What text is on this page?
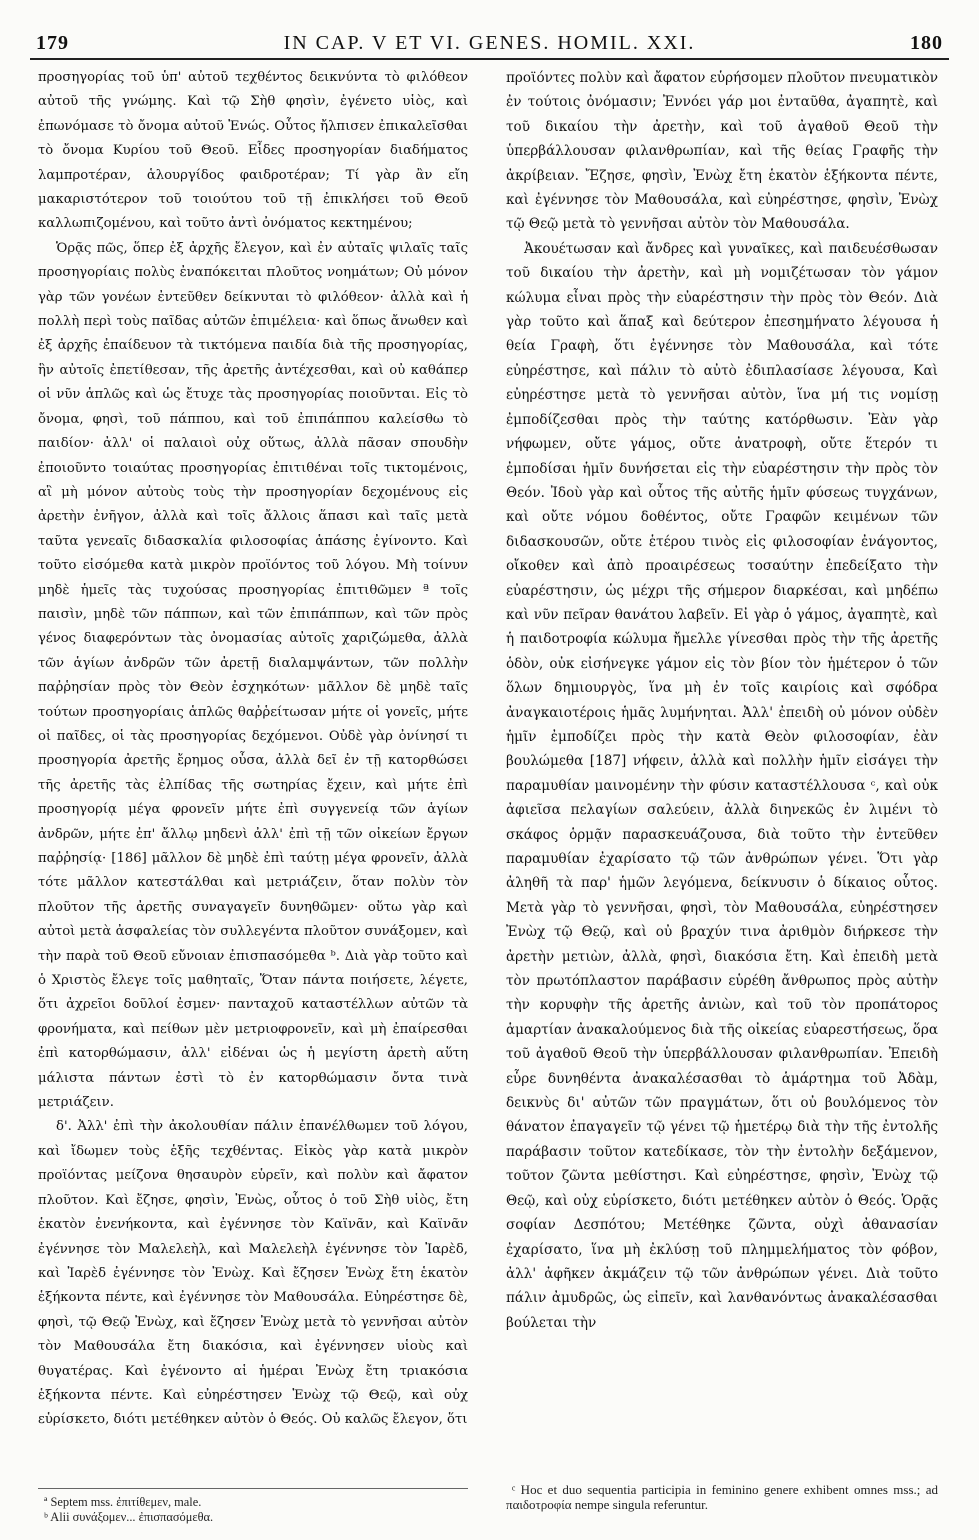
179	IN CAP. V ET VI. GENES. HOMIL. XXI.	180

προσηγορίας τοῦ ὑπ' αὐτοῦ τεχθέντος δεικνύντα τὸ φιλόθεον αὐτοῦ τῆς γνώμης. Καὶ τῷ Σὴθ φησὶν, ἐγένετο υἱὸς, καὶ ἐπωνόμασε τὸ ὄνομα αὐτοῦ Ἐνώς. Οὗτος ἤλπισεν ἐπικαλεῖσθαι τὸ ὄνομα Κυρίου τοῦ Θεοῦ. Εἶδες προσηγορίαν διαδήματος λαμπροτέραν, ἁλουργίδος φαιδροτέραν; Τί γὰρ ἂν εἴη μακαριστότερον τοῦ τοιούτου τοῦ τῇ ἐπικλήσει τοῦ Θεοῦ καλλωπιζομένου, καὶ τοῦτο ἀντὶ ὀνόματος κεκτημένου;

Ὁρᾷς πῶς, ὅπερ ἐξ ἀρχῆς ἔλεγον, καὶ ἐν αὐταῖς ψιλαῖς ταῖς προσηγορίαις πολὺς ἐναπόκειται πλοῦτος νοημάτων; Οὐ μόνον γὰρ τῶν γονέων ἐντεῦθεν δείκνυται τὸ φιλόθεον· ἀλλὰ καὶ ἡ πολλὴ περὶ τοὺς παῖδας αὐτῶν ἐπιμέλεια· καὶ ὅπως ἄνωθεν καὶ ἐξ ἀρχῆς ἐπαίδευον τὰ τικτόμενα παιδία διὰ τῆς προσηγορίας, ἣν αὐτοῖς ἐπετίθεσαν, τῆς ἀρετῆς ἀντέχεσθαι, καὶ οὐ καθάπερ οἱ νῦν ἁπλῶς καὶ ὡς ἔτυχε τὰς προσηγορίας ποιοῦνται. Εἰς τὸ ὄνομα, φησὶ, τοῦ πάππου, καὶ τοῦ ἐπιπάππου καλείσθω τὸ παιδίον· ἀλλ' οἱ παλαιοὶ οὐχ οὕτως, ἀλλὰ πᾶσαν σπουδὴν ἐποιοῦντο τοιαύτας προσηγορίας ἐπιτιθέναι τοῖς τικτομένοις, αἳ μὴ μόνον αὐτοὺς τοὺς τὴν προσηγορίαν δεχομένους εἰς ἀρετὴν ἐνῆγον, ἀλλὰ καὶ τοῖς ἄλλοις ἅπασι καὶ ταῖς μετὰ ταῦτα γενεαῖς διδασκαλία φιλοσοφίας ἁπάσης ἐγίνοντο. Καὶ τοῦτο εἰσόμεθα κατὰ μικρὸν προϊόντος τοῦ λόγου. Μὴ τοίνυν μηδὲ ἡμεῖς τὰς τυχούσας προσηγορίας ἐπιτιθῶμεν ª τοῖς παισὶν, μηδὲ τῶν πάππων, καὶ τῶν ἐπιπάππων, καὶ τῶν πρὸς γένος διαφερόντων τὰς ὀνομασίας αὐτοῖς χαριζώμεθα, ἀλλὰ τῶν ἁγίων ἀνδρῶν τῶν ἀρετῇ διαλαμψάντων, τῶν πολλὴν παῤῥησίαν πρὸς τὸν Θεὸν ἐσχηκότων· μᾶλλον δὲ μηδὲ ταῖς τούτων προσηγορίαις ἁπλῶς θαῤῥείτωσαν μήτε οἱ γονεῖς, μήτε οἱ παῖδες, οἱ τὰς προσηγορίας δεχόμενοι. Οὐδὲ γὰρ ὀνίνησί τι προσηγορία ἀρετῆς ἔρημος οὖσα, ἀλλὰ δεῖ ἐν τῇ κατορθώσει τῆς ἀρετῆς τὰς ἐλπίδας τῆς σωτηρίας ἔχειν, καὶ μήτε ἐπὶ προσηγορίᾳ μέγα φρονεῖν μήτε ἐπὶ συγγενείᾳ τῶν ἁγίων ἀνδρῶν, μήτε ἐπ' ἄλλῳ μηδενὶ ἀλλ' ἐπὶ τῇ τῶν οἰκείων ἔργων παῤῥησίᾳ· [186] μᾶλλον δὲ μηδὲ ἐπὶ ταύτῃ μέγα φρονεῖν, ἀλλὰ τότε μᾶλλον κατεστάλθαι καὶ μετριάζειν, ὅταν πολὺν τὸν πλοῦτον τῆς ἀρετῆς συναγαγεῖν δυνηθῶμεν· οὕτω γὰρ καὶ αὐτοὶ μετὰ ἀσφαλείας τὸν συλλεγέντα πλοῦτον συνάξομεν, καὶ τὴν παρὰ τοῦ Θεοῦ εὔνοιαν ἐπισπασόμεθα ᵇ. Διὰ γὰρ τοῦτο καὶ ὁ Χριστὸς ἔλεγε τοῖς μαθηταῖς, Ὅταν πάντα ποιήσετε, λέγετε, ὅτι ἀχρεῖοι δοῦλοί ἐσμεν· πανταχοῦ καταστέλλων αὐτῶν τὰ φρονήματα, καὶ πείθων μὲν μετριοφρονεῖν, καὶ μὴ ἐπαίρεσθαι ἐπὶ κατορθώμασιν, ἀλλ' εἰδέναι ὡς ἡ μεγίστη ἀρετὴ αὕτη μάλιστα πάντων ἐστὶ τὸ ἐν κατορθώμασιν ὄντα τινὰ μετριάζειν.

δ'. Ἀλλ' ἐπὶ τὴν ἀκολουθίαν πάλιν ἐπανέλθωμεν τοῦ λόγου, καὶ ἴδωμεν τοὺς ἑξῆς τεχθέντας. Εἰκὸς γὰρ κατὰ μικρὸν προϊόντας μείζονα θησαυρὸν εὑρεῖν, καὶ πολὺν καὶ ἄφατον πλοῦτον. Καὶ ἔζησε, φησὶν, Ἐνὼς, οὗτος ὁ τοῦ Σὴθ υἱὸς, ἔτη ἑκατὸν ἐνενήκοντα, καὶ ἐγέννησε τὸν Καϊνᾶν, καὶ Καϊνᾶν ἐγέννησε τὸν Μαλελεὴλ, καὶ Μαλελεὴλ ἐγέννησε τὸν Ἰαρὲδ, καὶ Ἰαρὲδ ἐγέννησε τὸν Ἐνὼχ. Καὶ ἔζησεν Ἐνὼχ ἔτη ἑκατὸν ἑξήκοντα πέντε, καὶ ἐγέννησε τὸν Μαθουσάλα. Εὐηρέστησε δὲ, φησὶ, τῷ Θεῷ Ἐνὼχ, καὶ ἔζησεν Ἐνὼχ μετὰ τὸ γεννῆσαι αὐτὸν τὸν Μαθουσάλα ἔτη διακόσια, καὶ ἐγέννησεν υἱοὺς καὶ θυγατέρας. Καὶ ἐγένοντο αἱ ἡμέραι Ἐνὼχ ἔτη τριακόσια ἑξήκοντα πέντε. Καὶ εὐηρέστησεν Ἐνὼχ τῷ Θεῷ, καὶ οὐχ εὑρίσκετο, διότι μετέθηκεν αὐτὸν ὁ Θεός. Οὐ καλῶς ἔλεγον, ὅτι

προϊόντες πολὺν καὶ ἄφατον εὑρήσομεν πλοῦτον πνευματικὸν ἐν τούτοις ὀνόμασιν; Ἐννόει γάρ μοι ἐνταῦθα, ἀγαπητὲ, καὶ τοῦ δικαίου τὴν ἀρετὴν, καὶ τοῦ ἀγαθοῦ Θεοῦ τὴν ὑπερβάλλουσαν φιλανθρωπίαν, καὶ τῆς θείας Γραφῆς τὴν ἀκρίβειαν. Ἔζησε, φησὶν, Ἐνὼχ ἔτη ἑκατὸν ἑξήκοντα πέντε, καὶ ἐγέννησε τὸν Μαθουσάλα, καὶ εὐηρέστησε, φησὶν, Ἐνὼχ τῷ Θεῷ μετὰ τὸ γεννῆσαι αὐτὸν τὸν Μαθουσάλα.

Ἀκουέτωσαν καὶ ἄνδρες καὶ γυναῖκες, καὶ παιδευέσθωσαν τοῦ δικαίου τὴν ἀρετὴν, καὶ μὴ νομιζέτωσαν τὸν γάμον κώλυμα εἶναι πρὸς τὴν εὐαρέστησιν τὴν πρὸς τὸν Θεόν. Διὰ γὰρ τοῦτο καὶ ἅπαξ καὶ δεύτερον ἐπεσημήνατο λέγουσα ἡ θεία Γραφὴ, ὅτι ἐγέννησε τὸν Μαθουσάλα, καὶ τότε εὐηρέστησε, καὶ πάλιν τὸ αὐτὸ ἐδιπλασίασε λέγουσα, Καὶ εὐηρέστησε μετὰ τὸ γεννῆσαι αὐτὸν, ἵνα μή τις νομίσῃ ἐμποδίζεσθαι πρὸς τὴν ταύτης κατόρθωσιν. Ἐὰν γὰρ νήφωμεν, οὔτε γάμος, οὔτε ἀνατροφὴ, οὔτε ἕτερόν τι ἐμποδίσαι ἡμῖν δυνήσεται εἰς τὴν εὐαρέστησιν τὴν πρὸς τὸν Θεόν. Ἰδοὺ γὰρ καὶ οὗτος τῆς αὐτῆς ἡμῖν φύσεως τυγχάνων, καὶ οὔτε νόμου δοθέντος, οὔτε Γραφῶν κειμένων τῶν διδασκουσῶν, οὔτε ἑτέρου τινὸς εἰς φιλοσοφίαν ἐνάγοντος, οἴκοθεν καὶ ἀπὸ προαιρέσεως τοσαύτην ἐπεδείξατο τὴν εὐαρέστησιν, ὡς μέχρι τῆς σήμερον διαρκέσαι, καὶ μηδέπω καὶ νῦν πεῖραν θανάτου λαβεῖν. Εἰ γὰρ ὁ γάμος, ἀγαπητὲ, καὶ ἡ παιδοτροφία κώλυμα ἤμελλε γίνεσθαι πρὸς τὴν τῆς ἀρετῆς ὁδὸν, οὐκ εἰσήνεγκε γάμον εἰς τὸν βίον τὸν ἡμέτερον ὁ τῶν ὅλων δημιουργὸς, ἵνα μὴ ἐν τοῖς καιρίοις καὶ σφόδρα ἀναγκαιοτέροις ἡμᾶς λυμήνηται. Ἀλλ' ἐπειδὴ οὐ μόνον οὐδὲν ἡμῖν ἐμποδίζει πρὸς τὴν κατὰ Θεὸν φιλοσοφίαν, ἐὰν βουλώμεθα [187] νήφειν, ἀλλὰ καὶ πολλὴν ἡμῖν εἰσάγει τὴν παραμυθίαν μαινομένην τὴν φύσιν καταστέλλουσα ᶜ, καὶ οὐκ ἀφιεῖσα πελαγίων σαλεύειν, ἀλλὰ διηνεκῶς ἐν λιμένι τὸ σκάφος ὁρμᾷν παρασκευάζουσα, διὰ τοῦτο τὴν ἐντεῦθεν παραμυθίαν ἐχαρίσατο τῷ τῶν ἀνθρώπων γένει. Ὅτι γὰρ ἀληθῆ τὰ παρ' ἡμῶν λεγόμενα, δείκνυσιν ὁ δίκαιος οὗτος. Μετὰ γὰρ τὸ γεννῆσαι, φησὶ, τὸν Μαθουσάλα, εὐηρέστησεν Ἐνὼχ τῷ Θεῷ, καὶ οὐ βραχύν τινα ἀριθμὸν διήρκεσε τὴν ἀρετὴν μετιὼν, ἀλλὰ, φησὶ, διακόσια ἔτη. Καὶ ἐπειδὴ μετὰ τὸν πρωτόπλαστον παράβασιν εὑρέθη ἄνθρωπος πρὸς αὐτὴν τὴν κορυφὴν τῆς ἀρετῆς ἀνιὼν, καὶ τοῦ τὸν προπάτορος ἁμαρτίαν ἀνακαλούμενος διὰ τῆς οἰκείας εὐαρεστήσεως, ὅρα τοῦ ἀγαθοῦ Θεοῦ τὴν ὑπερβάλλουσαν φιλανθρωπίαν. Ἐπειδὴ εὗρε δυνηθέντα ἀνακαλέσασθαι τὸ ἁμάρτημα τοῦ Ἀδὰμ, δεικνὺς δι' αὐτῶν τῶν πραγμάτων, ὅτι οὐ βουλόμενος τὸν θάνατον ἐπαγαγεῖν τῷ γένει τῷ ἡμετέρῳ διὰ τὴν τῆς ἐντολῆς παράβασιν τοῦτον κατεδίκασε, τὸν τὴν ἐντολὴν δεξάμενον, τοῦτον ζῶντα μεθίστησι. Καὶ εὐηρέστησε, φησὶν, Ἐνὼχ τῷ Θεῷ, καὶ οὐχ εὑρίσκετο, διότι μετέθηκεν αὐτὸν ὁ Θεός. Ὁρᾷς σοφίαν Δεσπότου; Μετέθηκε ζῶντα, οὐχὶ ἀθανασίαν ἐχαρίσατο, ἵνα μὴ ἐκλύσῃ τοῦ πλημμελήματος τὸν φόβον, ἀλλ' ἀφῆκεν ἀκμάζειν τῷ τῶν ἀνθρώπων γένει. Διὰ τοῦτο πάλιν ἀμυδρῶς, ὡς εἰπεῖν, καὶ λανθανόντως ἀνακαλέσασθαι βούλεται τὴν

ª Septem mss. ἐπιτίθεμεν, male.

ᵇ Alii συνάξομεν... ἐπισπασόμεθα.

ᶜ Hoc et duo sequentia participia in feminino genere exhibent omnes mss.; ad παιδοτροφία nempe singula referuntur.
